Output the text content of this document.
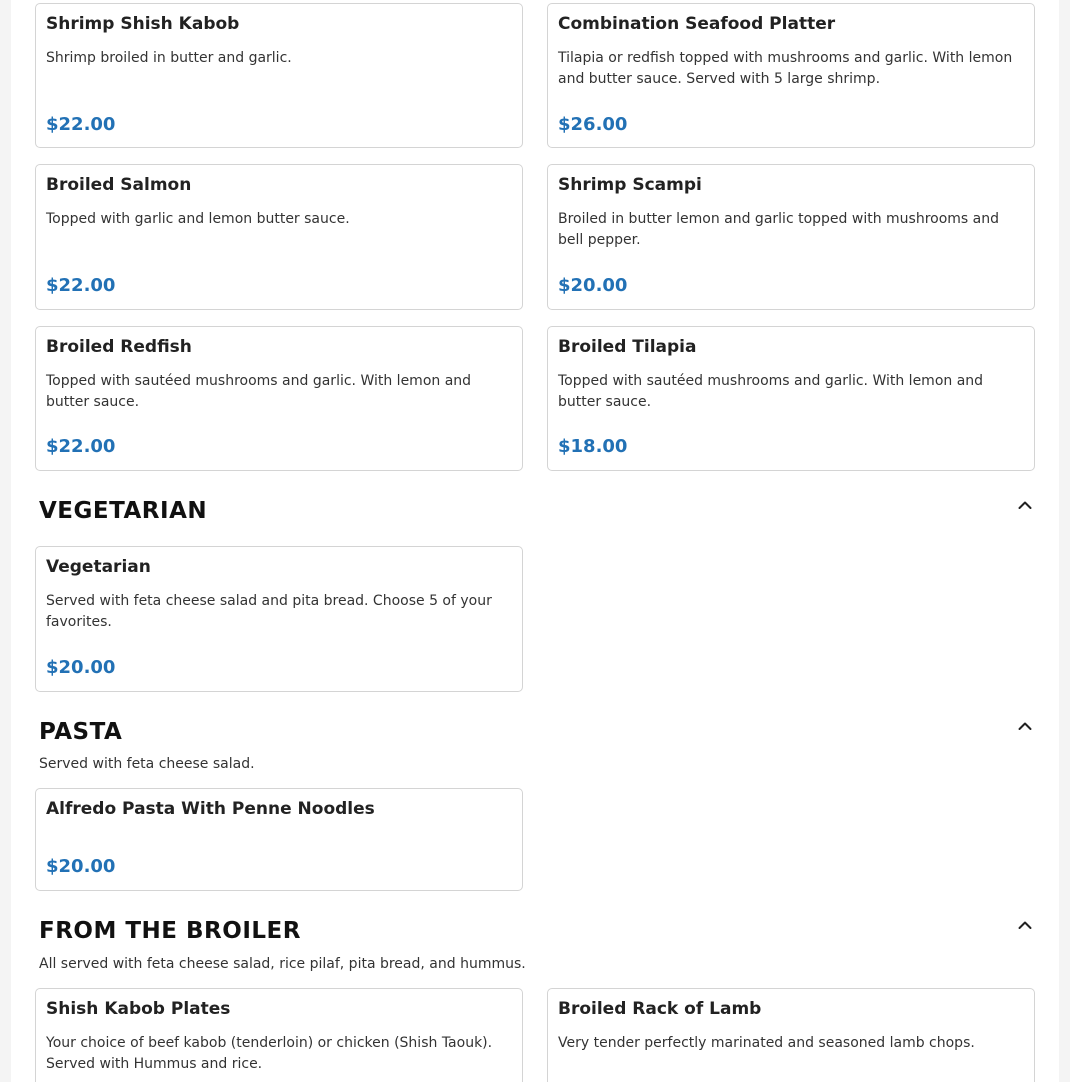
Shrimp Shish Kabob
Shrimp broiled in butter and garlic.
$22.00
Combination Seafood Platter
Tilapia or redfish topped with mushrooms and garlic. With lemon and butter sauce. Served with 5 large shrimp.
$26.00
Broiled Salmon
Topped with garlic and lemon butter sauce.
$22.00
Shrimp Scampi
Broiled in butter lemon and garlic topped with mushrooms and bell pepper.
$20.00
Broiled Redfish
Topped with sautéed mushrooms and garlic. With lemon and butter sauce.
$22.00
Broiled Tilapia
Topped with sautéed mushrooms and garlic. With lemon and butter sauce.
$18.00
VEGETARIAN
Vegetarian
Served with feta cheese salad and pita bread. Choose 5 of your favorites.
$20.00
PASTA
Served with feta cheese salad.
Alfredo Pasta With Penne Noodles
$20.00
FROM THE BROILER
All served with feta cheese salad, rice pilaf, pita bread, and hummus.
Shish Kabob Plates
Your choice of beef kabob (tenderloin) or chicken (Shish Taouk). Served with Hummus and rice.
Broiled Rack of Lamb
Very tender perfectly marinated and seasoned lamb chops.
